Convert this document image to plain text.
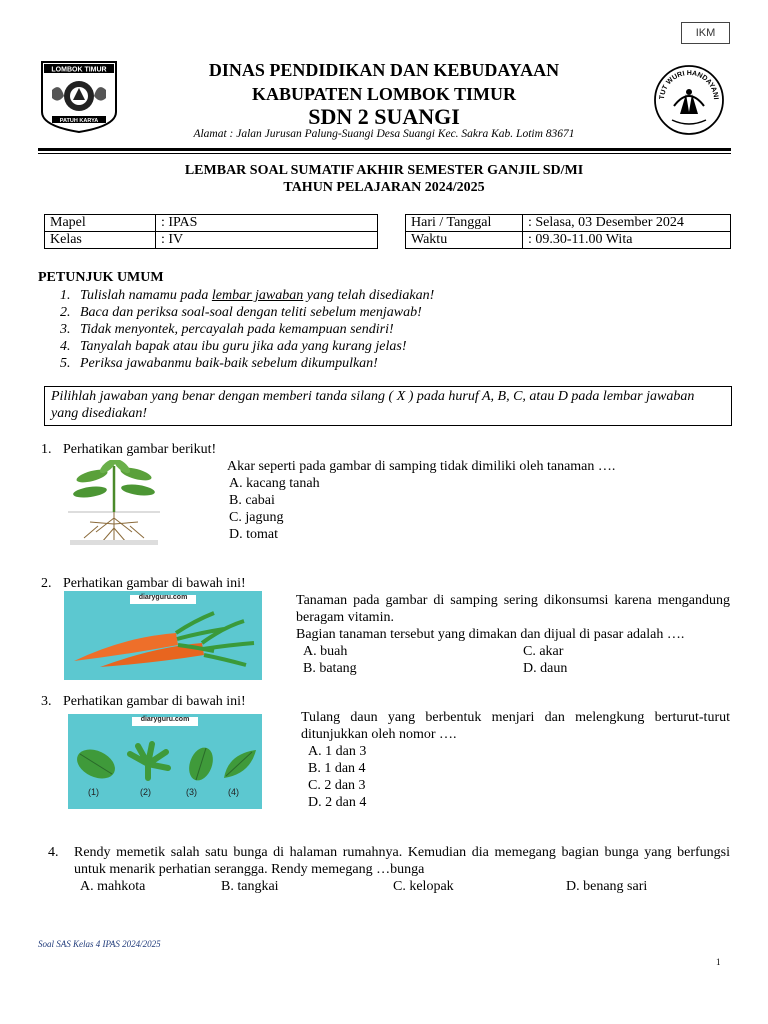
IKM
LOMBOK TIMUR
PATUH KARYA
TUT WURI HANDAYANI
DINAS PENDIDIKAN DAN KEBUDAYAAN
KABUPATEN LOMBOK TIMUR
SDN 2 SUANGI
Alamat : Jalan Jurusan Palung-Suangi Desa Suangi Kec. Sakra Kab. Lotim 83671
LEMBAR SOAL SUMATIF AKHIR SEMESTER GANJIL SD/MI
TAHUN PELAJARAN 2024/2025
Mapel	: IPAS
Kelas	: IV
Hari / Tanggal	: Selasa, 03 Desember 2024
Waktu	: 09.30-11.00 Wita
PETUNJUK UMUM
1. Tulislah namamu pada lembar jawaban yang telah disediakan!
2. Baca dan periksa soal-soal dengan teliti sebelum menjawab!
3. Tidak menyontek, percayalah pada kemampuan sendiri!
4. Tanyalah bapak atau ibu guru jika ada yang kurang jelas!
5. Periksa jawabanmu baik-baik sebelum dikumpulkan!
Pilihlah jawaban yang benar dengan memberi tanda silang ( X ) pada huruf A, B, C, atau D pada lembar jawaban yang disediakan!
1. Perhatikan gambar berikut!
Akar seperti pada gambar di samping tidak dimiliki oleh tanaman ….
A. kacang tanah
B. cabai
C. jagung
D. tomat
2. Perhatikan gambar di bawah ini!
diaryguru.com	Tanaman pada gambar di samping sering dikonsumsi karena mengandung beragam vitamin.
Bagian tanaman tersebut yang dimakan dan dijual di pasar adalah ….
A. buah	C. akar
B. batang	D. daun
3. Perhatikan gambar di bawah ini!
diaryguru.com
(1)	(2)	(3)	(4)
Tulang daun yang berbentuk menjari dan melengkung berturut-turut ditunjukkan oleh nomor ….
A. 1 dan 3
B. 1 dan 4
C. 2 dan 3
D. 2 dan 4
4. Rendy memetik salah satu bunga di halaman rumahnya. Kemudian dia memegang bagian bunga yang berfungsi untuk menarik perhatian serangga. Rendy memegang …bunga
A. mahkota	B. tangkai	C. kelopak	D. benang sari
Soal SAS Kelas 4 IPAS 2024/2025
1
